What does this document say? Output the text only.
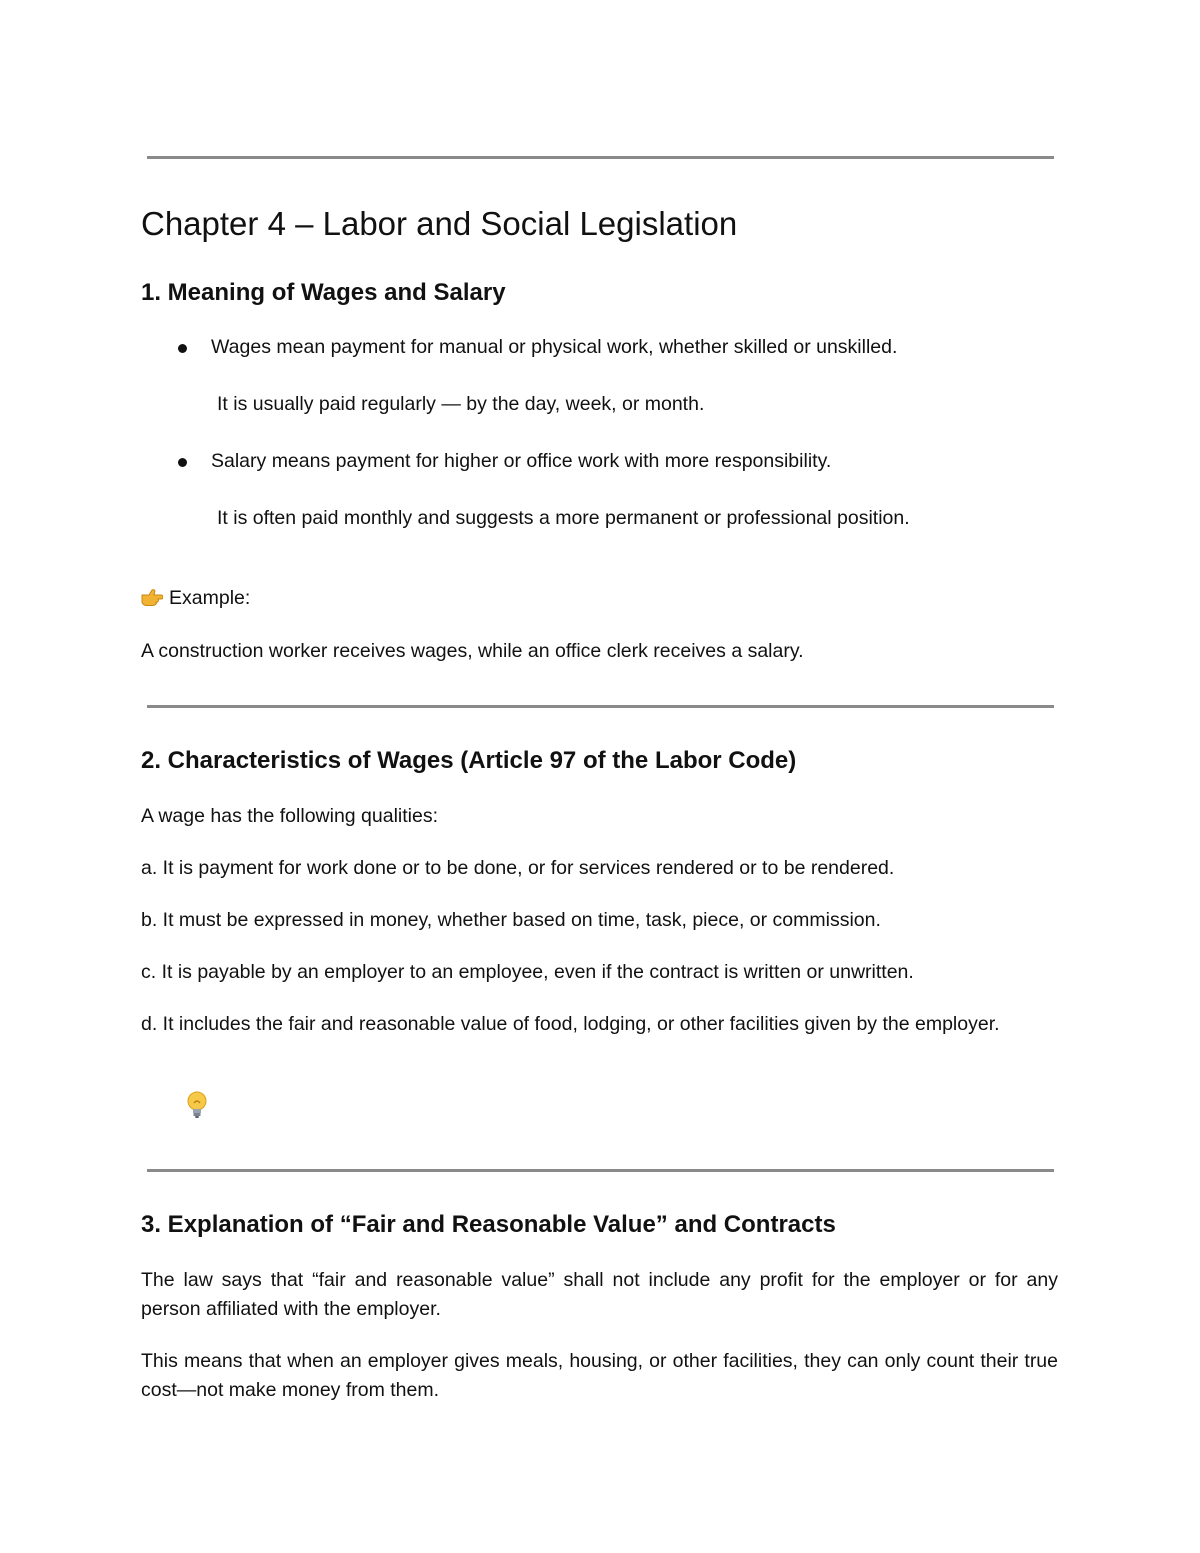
Chapter 4 – Labor and Social Legislation
1. Meaning of Wages and Salary
Wages mean payment for manual or physical work, whether skilled or unskilled.
It is usually paid regularly — by the day, week, or month.
Salary means payment for higher or office work with more responsibility.
It is often paid monthly and suggests a more permanent or professional position.
Example:
A construction worker receives wages, while an office clerk receives a salary.
2. Characteristics of Wages (Article 97 of the Labor Code)
A wage has the following qualities:
a. It is payment for work done or to be done, or for services rendered or to be rendered.
b. It must be expressed in money, whether based on time, task, piece, or commission.
c. It is payable by an employer to an employee, even if the contract is written or unwritten.
d. It includes the fair and reasonable value of food, lodging, or other facilities given by the employer.
3. Explanation of “Fair and Reasonable Value” and Contracts
The law says that “fair and reasonable value” shall not include any profit for the employer or for any person affiliated with the employer.
This means that when an employer gives meals, housing, or other facilities, they can only count their true cost—not make money from them.
